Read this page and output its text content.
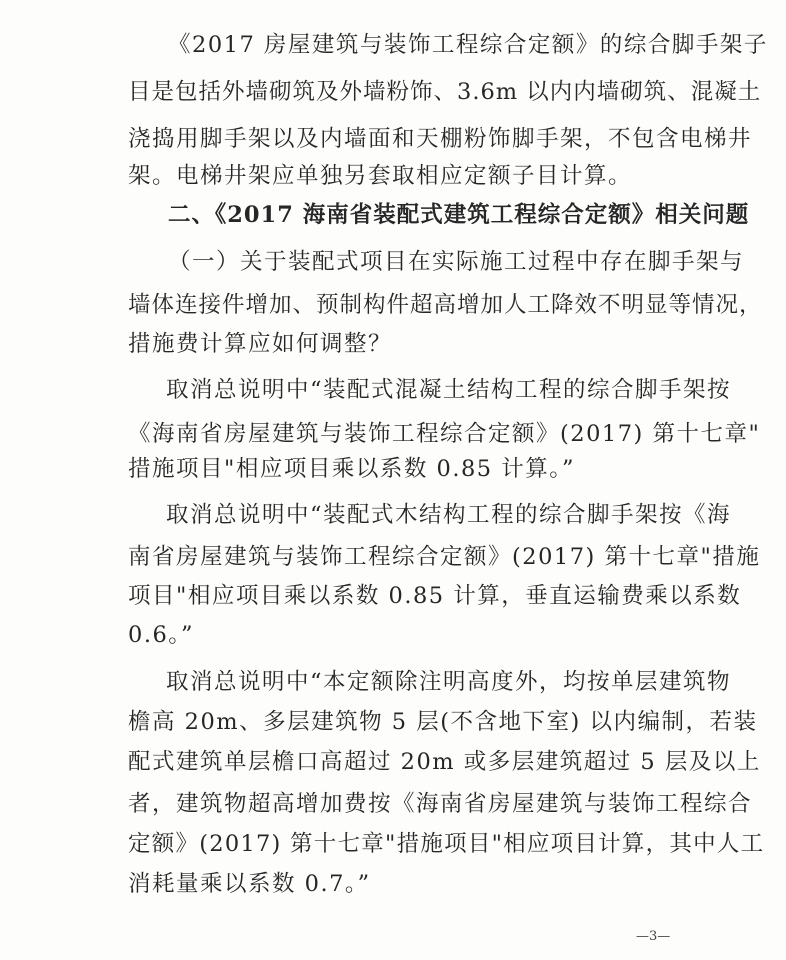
《2017 房屋建筑与装饰工程综合定额》的综合脚手架子
目是包括外墙砌筑及外墙粉饰、3.6m 以内内墙砌筑、混凝土
浇捣用脚手架以及内墙面和天棚粉饰脚手架，不包含电梯井
架。电梯井架应单独另套取相应定额子目计算。
二、《2017 海南省装配式建筑工程综合定额》相关问题
（一）关于装配式项目在实际施工过程中存在脚手架与
墙体连接件增加、预制构件超高增加人工降效不明显等情况，
措施费计算应如何调整？
取消总说明中“装配式混凝土结构工程的综合脚手架按
《海南省房屋建筑与装饰工程综合定额》(2017) 第十七章"
措施项目"相应项目乘以系数 0.85 计算。”
取消总说明中“装配式木结构工程的综合脚手架按《海
南省房屋建筑与装饰工程综合定额》(2017) 第十七章"措施
项目"相应项目乘以系数 0.85 计算，垂直运输费乘以系数
0.6。”
取消总说明中“本定额除注明高度外，均按单层建筑物
檐高 20m、多层建筑物 5 层(不含地下室) 以内编制，若装
配式建筑单层檐口高超过 20m 或多层建筑超过 5 层及以上
者，建筑物超高增加费按《海南省房屋建筑与装饰工程综合
定额》(2017) 第十七章"措施项目"相应项目计算，其中人工
消耗量乘以系数 0.7。”
—3—
